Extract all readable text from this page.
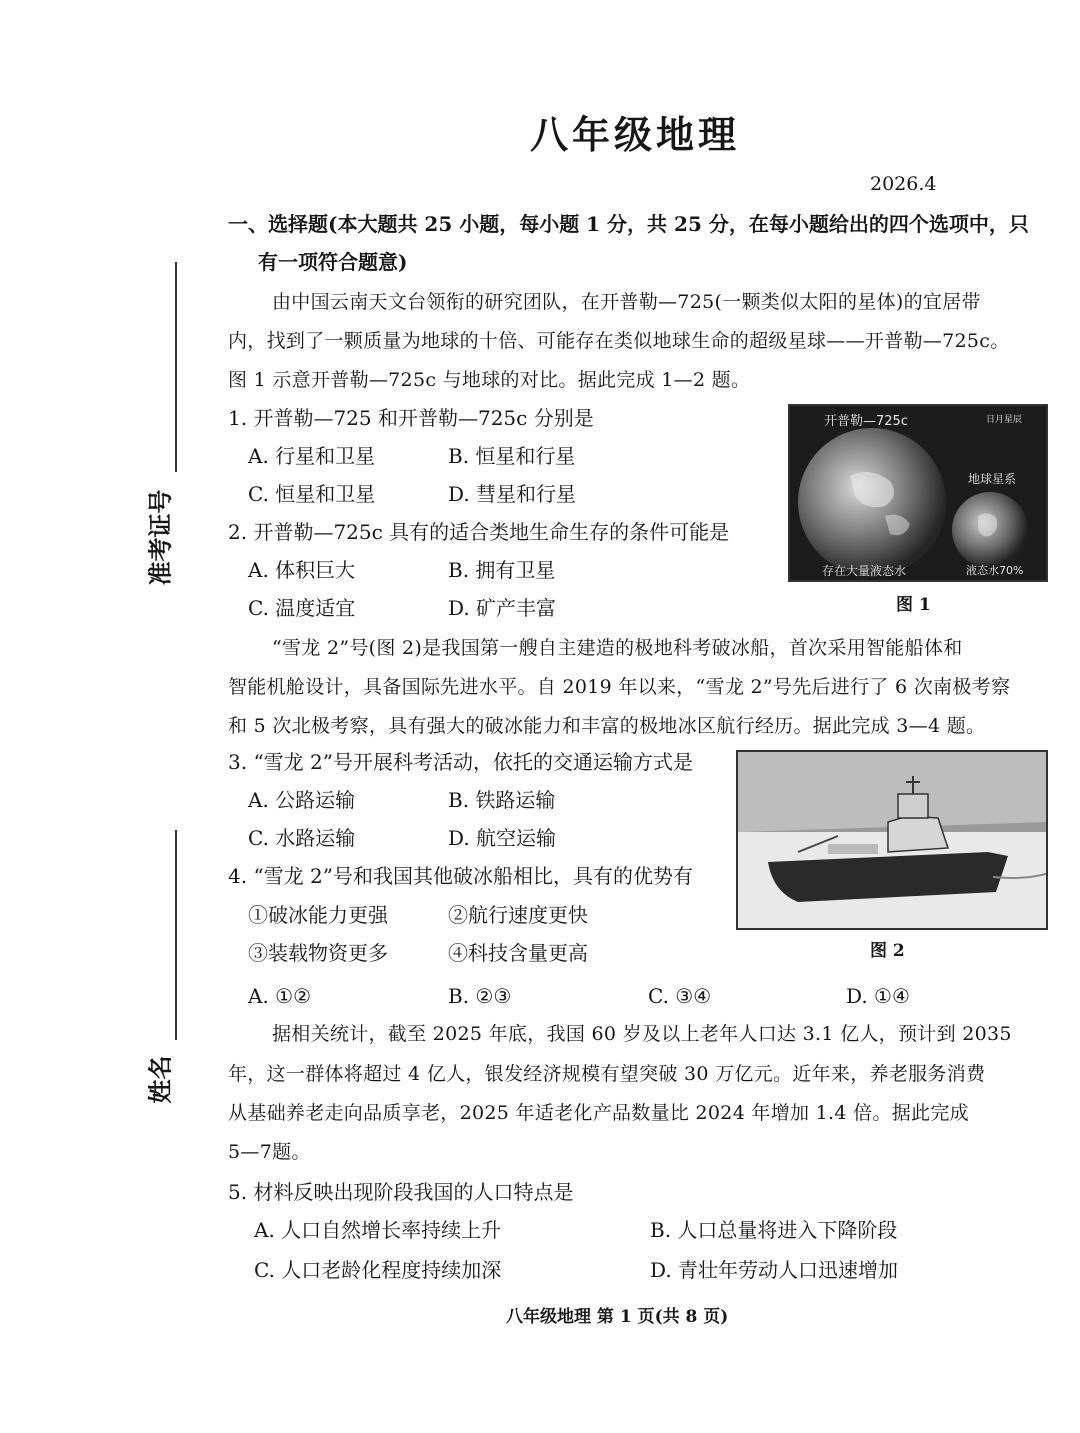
八年级地理
2026.4
准考证号
姓名
一、选择题(本大题共 25 小题，每小题 1 分，共 25 分，在每小题给出的四个选项中，只
有一项符合题意)
由中国云南天文台领衔的研究团队，在开普勒—725(一颗类似太阳的星体)的宜居带
内，找到了一颗质量为地球的十倍、可能存在类似地球生命的超级星球——开普勒—725c。
图 1 示意开普勒—725c 与地球的对比。据此完成 1—2 题。
1. 开普勒—725 和开普勒—725c 分别是
A. 行星和卫星	B. 恒星和行星
C. 恒星和卫星	D. 彗星和行星
2. 开普勒—725c 具有的适合类地生命生存的条件可能是
A. 体积巨大	B. 拥有卫星
C. 温度适宜	D. 矿产丰富
开普勒—725c	日月星辰
地球星系
存在大量液态水	液态水70%
图 1
“雪龙 2”号(图 2)是我国第一艘自主建造的极地科考破冰船，首次采用智能船体和
智能机舱设计，具备国际先进水平。自 2019 年以来，“雪龙 2”号先后进行了 6 次南极考察
和 5 次北极考察，具有强大的破冰能力和丰富的极地冰区航行经历。据此完成 3—4 题。
3. “雪龙 2”号开展科考活动，依托的交通运输方式是
A. 公路运输	B. 铁路运输
C. 水路运输	D. 航空运输
图 2
4. “雪龙 2”号和我国其他破冰船相比，具有的优势有
①破冰能力更强	②航行速度更快
③装载物资更多	④科技含量更高
A. ①②	B. ②③	C. ③④	D. ①④
据相关统计，截至 2025 年底，我国 60 岁及以上老年人口达 3.1 亿人，预计到 2035
年，这一群体将超过 4 亿人，银发经济规模有望突破 30 万亿元。近年来，养老服务消费
从基础养老走向品质享老，2025 年适老化产品数量比 2024 年增加 1.4 倍。据此完成
5—7题。
5. 材料反映出现阶段我国的人口特点是
A. 人口自然增长率持续上升	B. 人口总量将进入下降阶段
C. 人口老龄化程度持续加深	D. 青壮年劳动人口迅速增加
八年级地理 第 1 页(共 8 页)
